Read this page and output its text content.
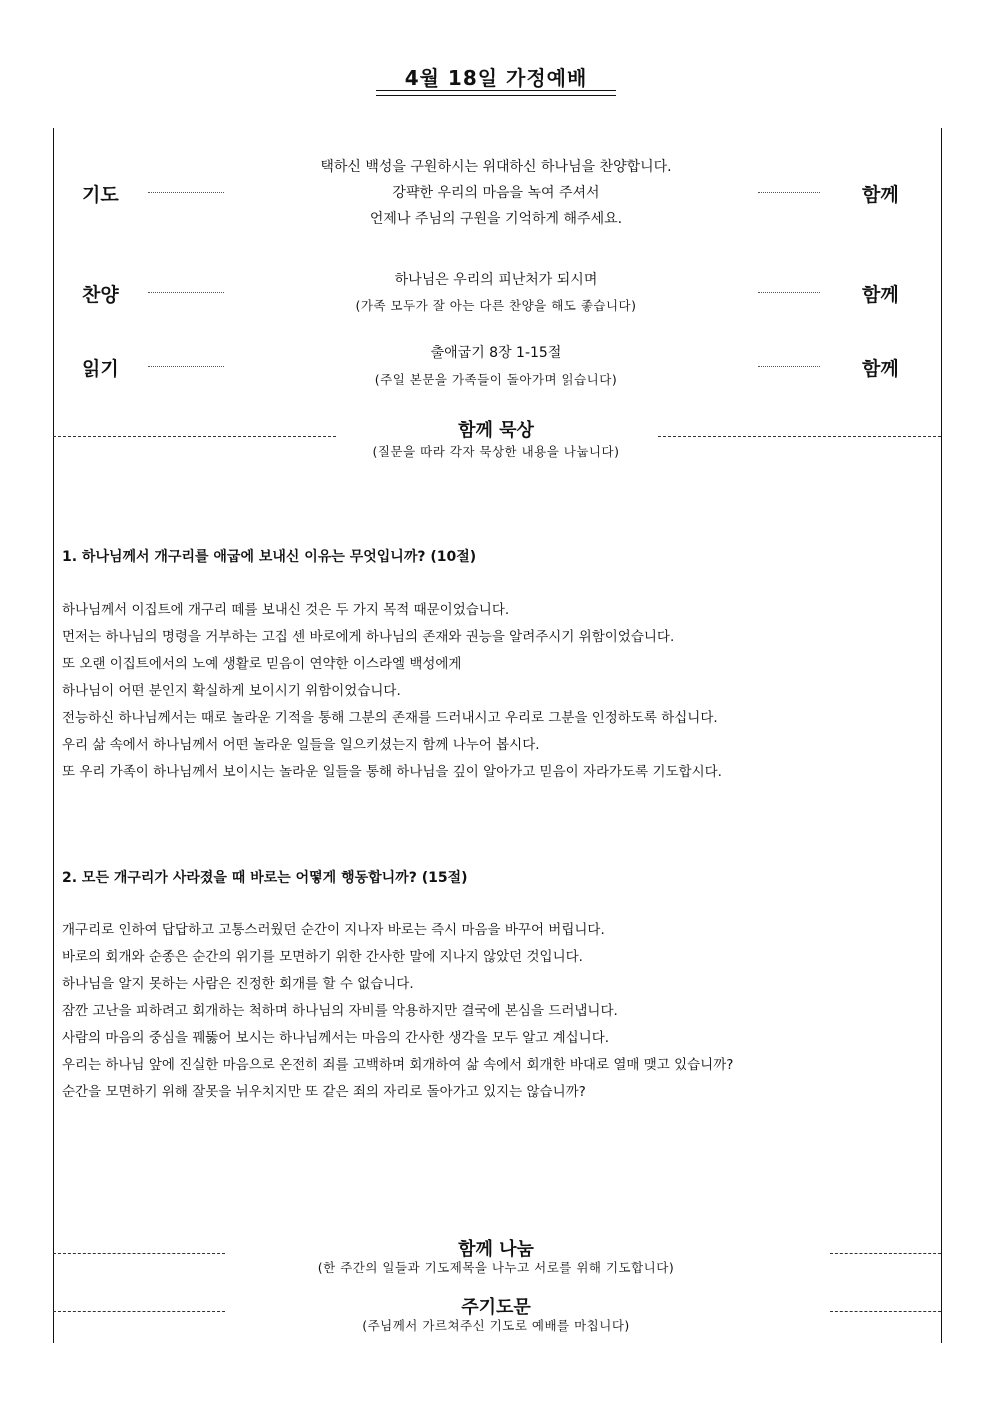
4월 18일 가정예배
기도
택하신 백성을 구원하시는 위대하신 하나님을 찬양합니다.
강퍅한 우리의 마음을 녹여 주셔서
언제나 주님의 구원을 기억하게 해주세요.
함께
찬양
하나님은 우리의 피난처가 되시며
(가족 모두가 잘 아는 다른 찬양을 해도 좋습니다)	함께
읽기
출애굽기 8장 1-15절
(주일 본문을 가족들이 돌아가며 읽습니다)	함께
함께 묵상
(질문을 따라 각자 묵상한 내용을 나눕니다)
1. 하나님께서 개구리를 애굽에 보내신 이유는 무엇입니까? (10절)
하나님께서 이집트에 개구리 떼를 보내신 것은 두 가지 목적 때문이었습니다.
먼저는 하나님의 명령을 거부하는 고집 센 바로에게 하나님의 존재와 권능을 알려주시기 위함이었습니다.
또 오랜 이집트에서의 노예 생활로 믿음이 연약한 이스라엘 백성에게
하나님이 어떤 분인지 확실하게 보이시기 위함이었습니다.
전능하신 하나님께서는 때로 놀라운 기적을 통해 그분의 존재를 드러내시고 우리로 그분을 인정하도록 하십니다.
우리 삶 속에서 하나님께서 어떤 놀라운 일들을 일으키셨는지 함께 나누어 봅시다.
또 우리 가족이 하나님께서 보이시는 놀라운 일들을 통해 하나님을 깊이 알아가고 믿음이 자라가도록 기도합시다.
2. 모든 개구리가 사라졌을 때 바로는 어떻게 행동합니까? (15절)
개구리로 인하여 답답하고 고통스러웠던 순간이 지나자 바로는 즉시 마음을 바꾸어 버립니다.
바로의 회개와 순종은 순간의 위기를 모면하기 위한 간사한 말에 지나지 않았던 것입니다.
하나님을 알지 못하는 사람은 진정한 회개를 할 수 없습니다.
잠깐 고난을 피하려고 회개하는 척하며 하나님의 자비를 악용하지만 결국에 본심을 드러냅니다.
사람의 마음의 중심을 꿰뚫어 보시는 하나님께서는 마음의 간사한 생각을 모두 알고 계십니다.
우리는 하나님 앞에 진실한 마음으로 온전히 죄를 고백하며 회개하여 삶 속에서 회개한 바대로 열매 맺고 있습니까?
순간을 모면하기 위해 잘못을 뉘우치지만 또 같은 죄의 자리로 돌아가고 있지는 않습니까?
함께 나눔
(한 주간의 일들과 기도제목을 나누고 서로를 위해 기도합니다)
주기도문
(주님께서 가르쳐주신 기도로 예배를 마칩니다)
